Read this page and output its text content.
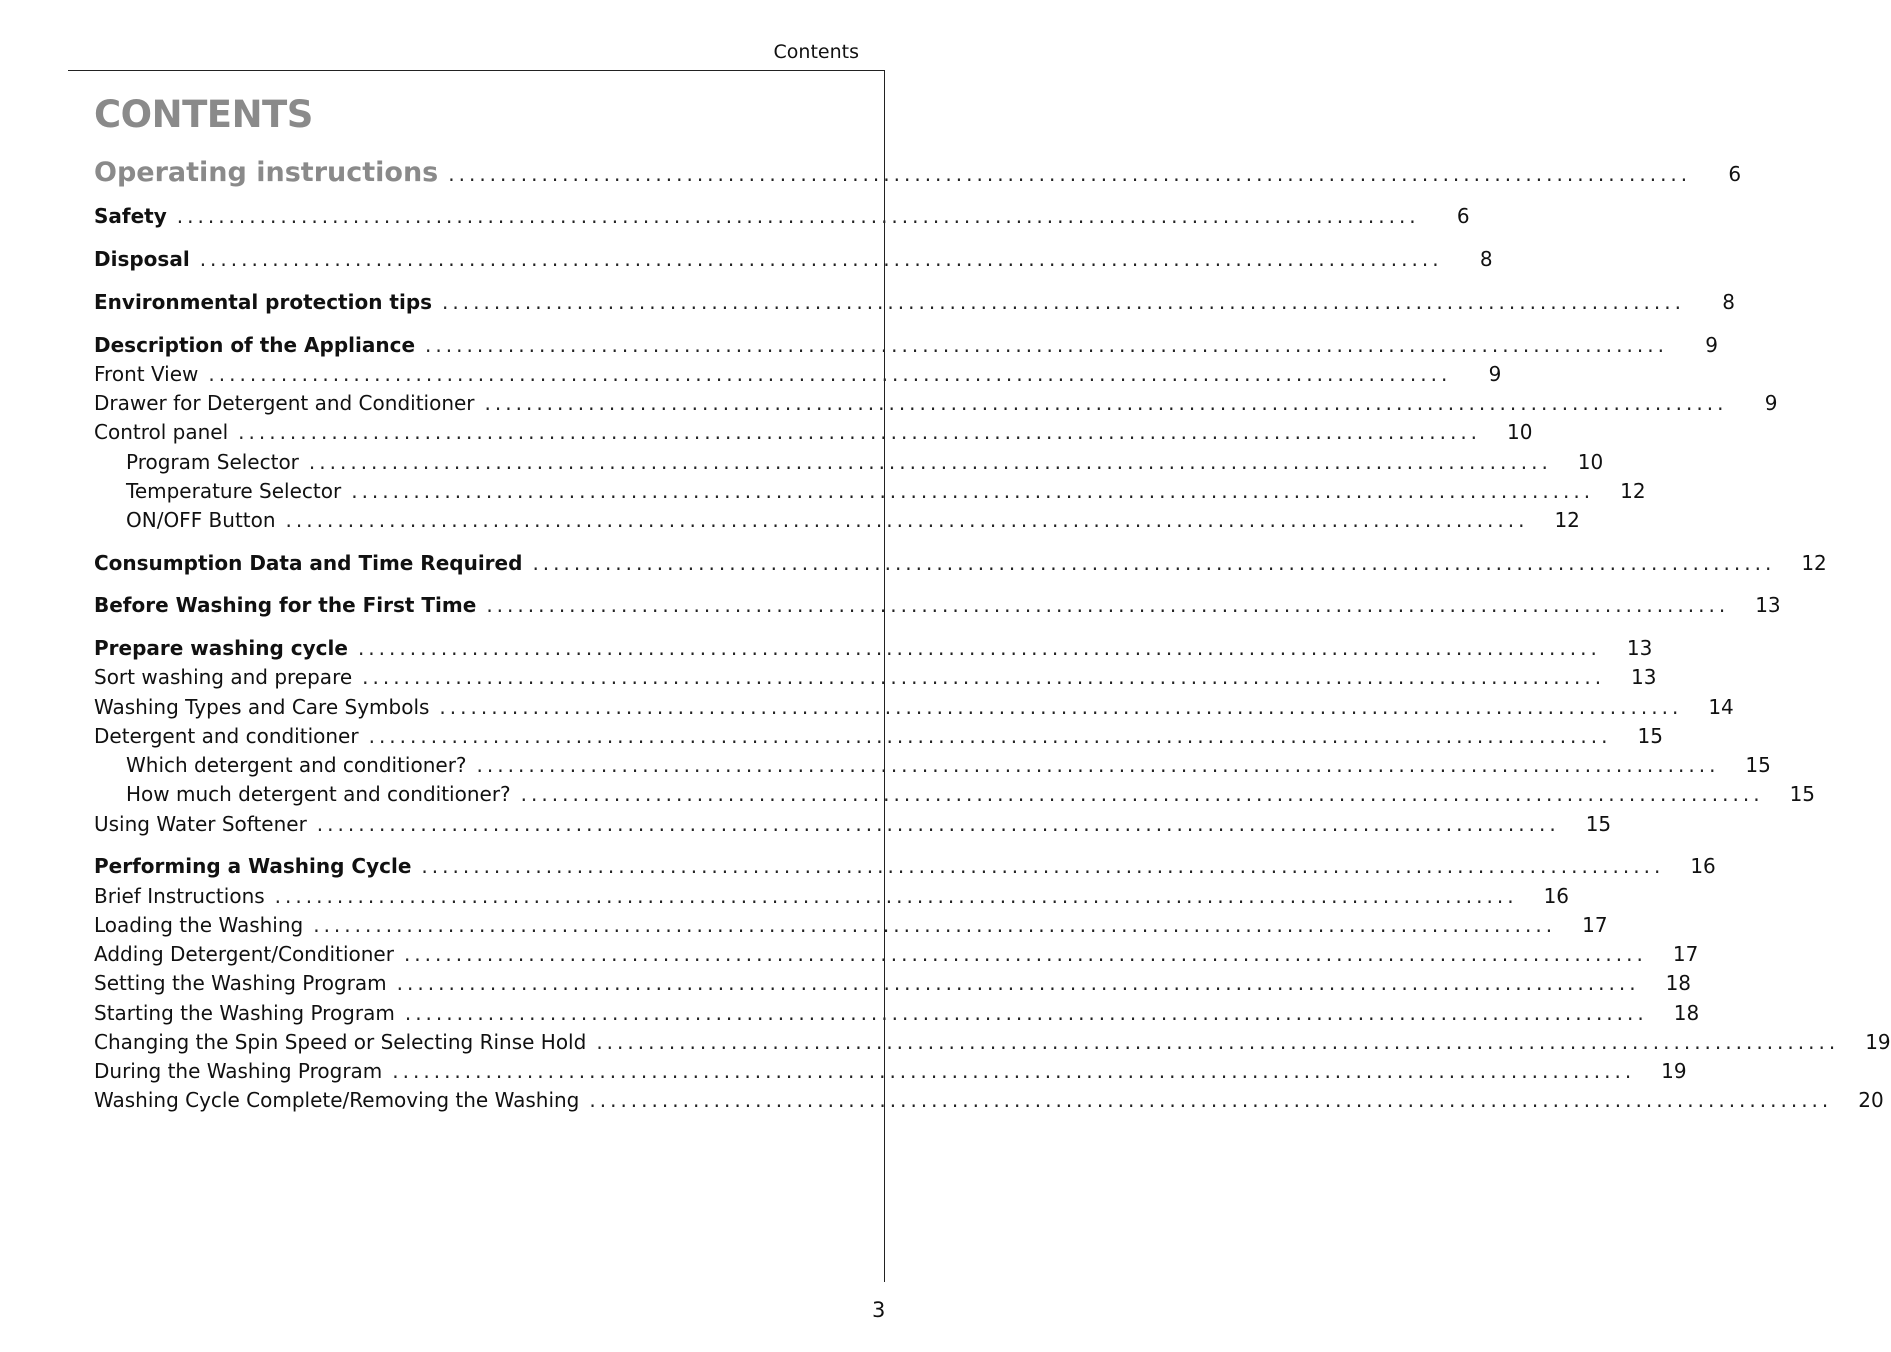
Contents
3
CONTENTS
Operating instructions ........................................................................................................................	6
Safety ........................................................................................................................	6
Disposal ........................................................................................................................	8
Environmental protection tips ........................................................................................................................	8
Description of the Appliance ........................................................................................................................	9
Front View ........................................................................................................................	9
Drawer for Detergent and Conditioner ........................................................................................................................	9
Control panel ........................................................................................................................ 10
Program Selector ........................................................................................................................ 10
Temperature Selector ........................................................................................................................ 12
ON/OFF Button ........................................................................................................................ 12
Consumption Data and Time Required ........................................................................................................................ 12
Before Washing for the First Time ........................................................................................................................ 13
Prepare washing cycle ........................................................................................................................ 13
Sort washing and prepare ........................................................................................................................ 13
Washing Types and Care Symbols ........................................................................................................................ 14
Detergent and conditioner ........................................................................................................................ 15
Which detergent and conditioner? ........................................................................................................................ 15
How much detergent and conditioner? ........................................................................................................................ 15
Using Water Softener ........................................................................................................................ 15
Performing a Washing Cycle ........................................................................................................................ 16
Brief Instructions ........................................................................................................................ 16
Loading the Washing ........................................................................................................................ 17
Adding Detergent/Conditioner ........................................................................................................................ 17
Setting the Washing Program ........................................................................................................................ 18
Starting the Washing Program ........................................................................................................................ 18
Changing the Spin Speed or Selecting Rinse Hold ........................................................................................................................ 19
During the Washing Program ........................................................................................................................ 19
Washing Cycle Complete/Removing the Washing ........................................................................................................................ 20
